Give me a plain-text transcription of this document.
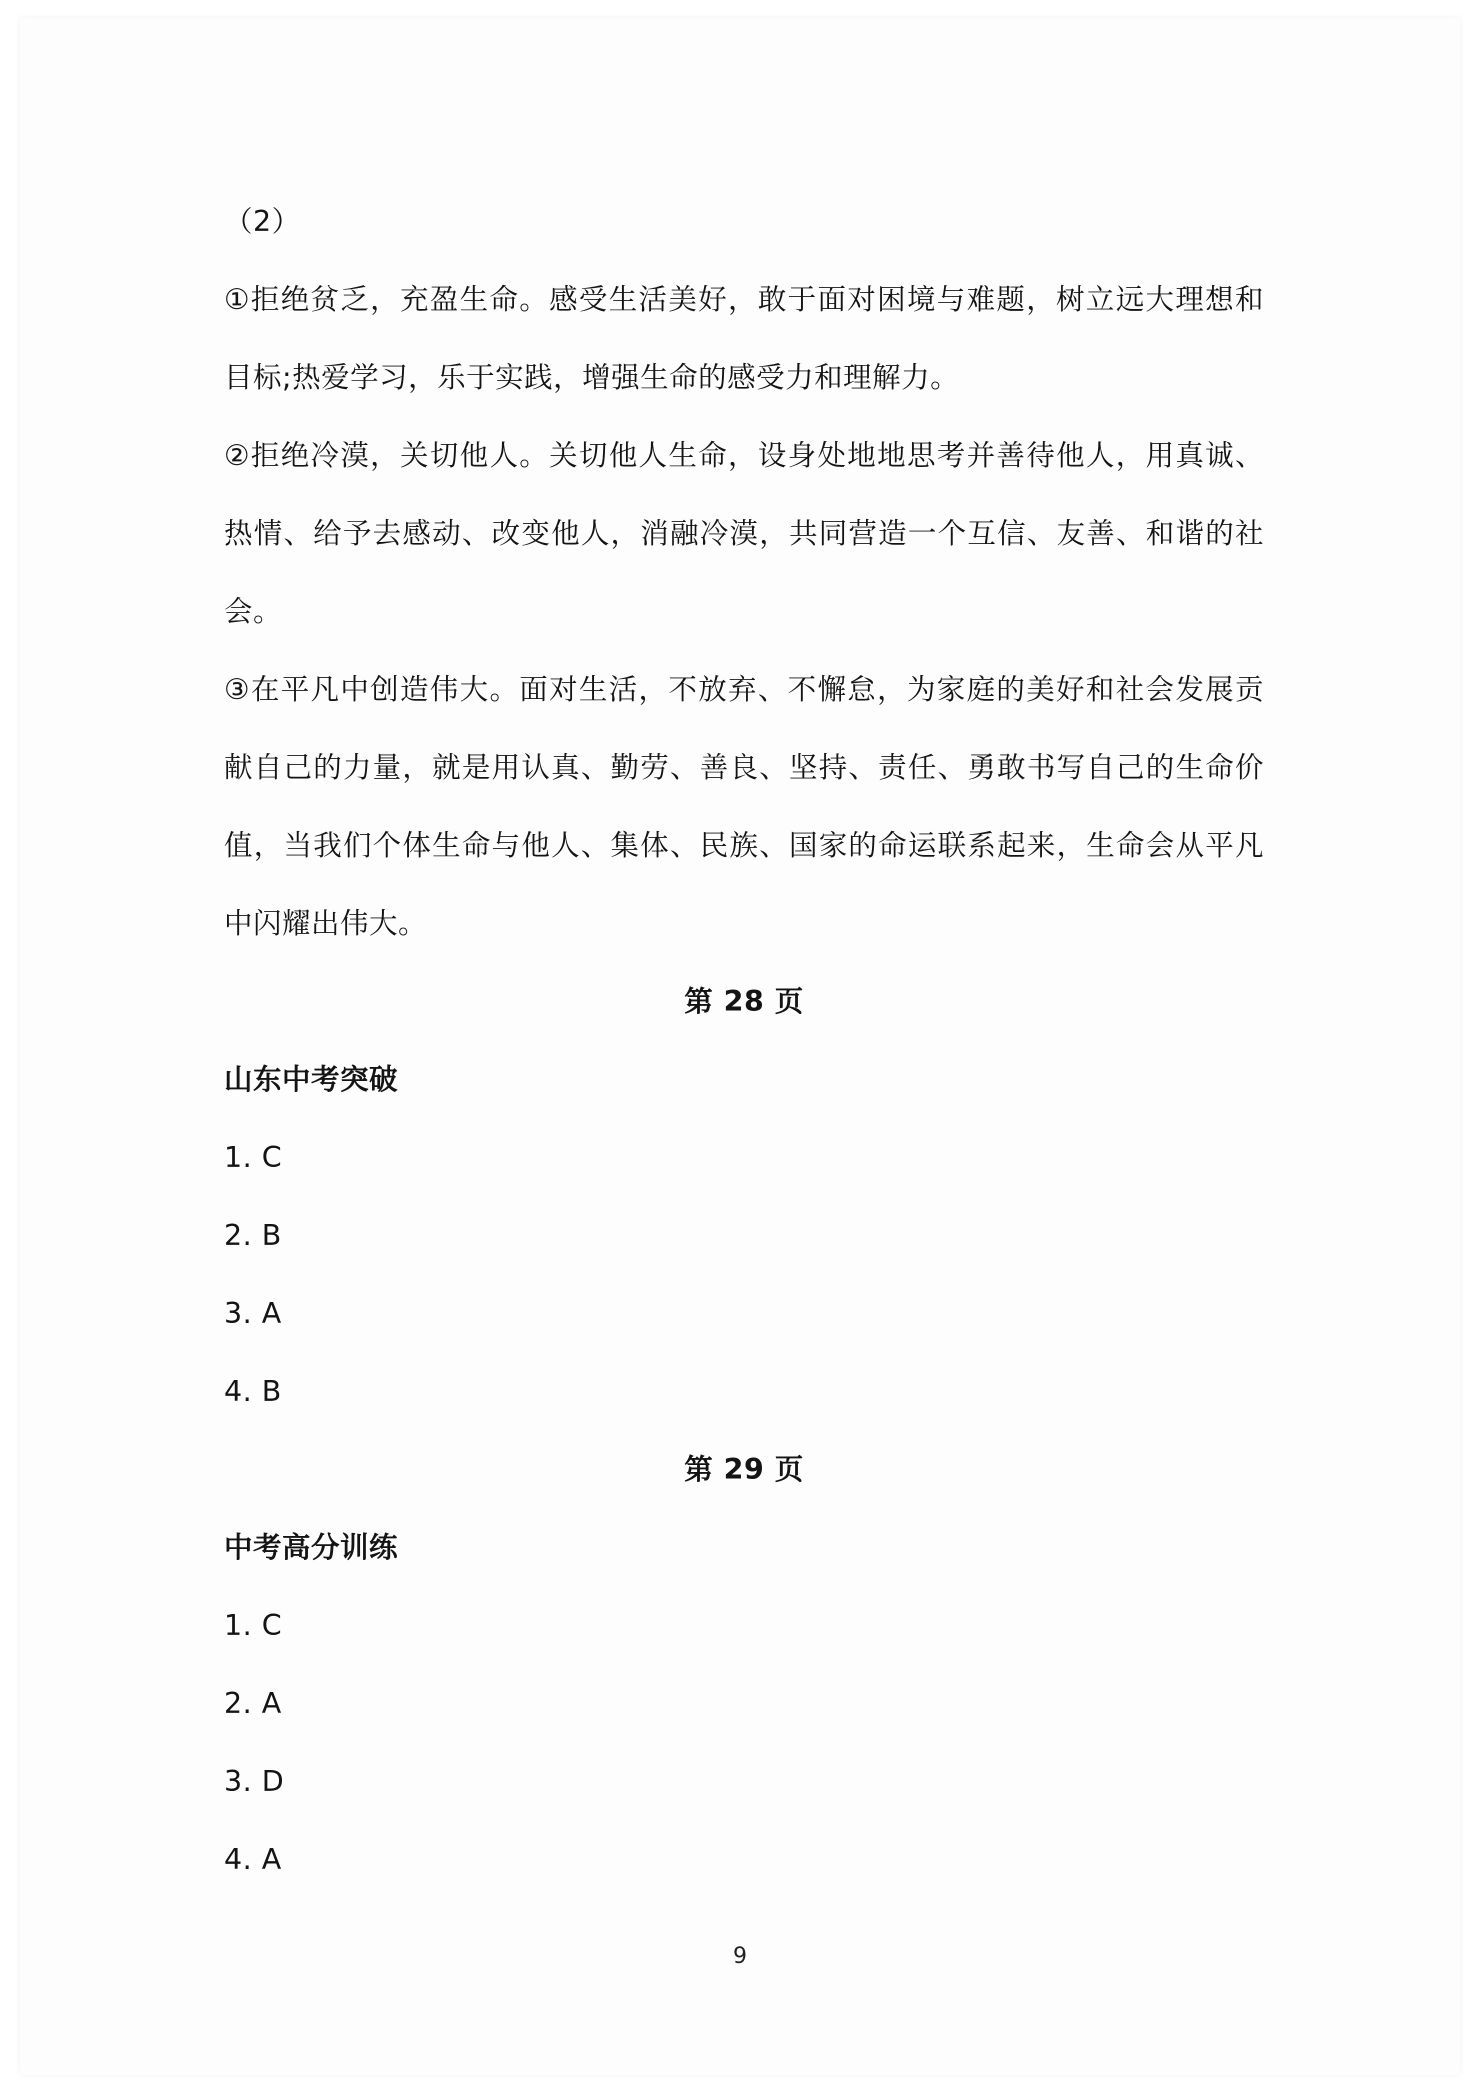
（2）
①拒绝贫乏，充盈生命。感受生活美好，敢于面对困境与难题，树立远大理想和
目标;热爱学习，乐于实践，增强生命的感受力和理解力。
②拒绝冷漠，关切他人。关切他人生命，设身处地地思考并善待他人，用真诚、
热情、给予去感动、改变他人，消融冷漠，共同营造一个互信、友善、和谐的社
会。
③在平凡中创造伟大。面对生活，不放弃、不懈怠，为家庭的美好和社会发展贡
献自己的力量，就是用认真、勤劳、善良、坚持、责任、勇敢书写自己的生命价
值，当我们个体生命与他人、集体、民族、国家的命运联系起来，生命会从平凡
中闪耀出伟大。
第 28 页
山东中考突破
1. C
2. B
3. A
4. B
第 29 页
中考高分训练
1. C
2. A
3. D
4. A
9
